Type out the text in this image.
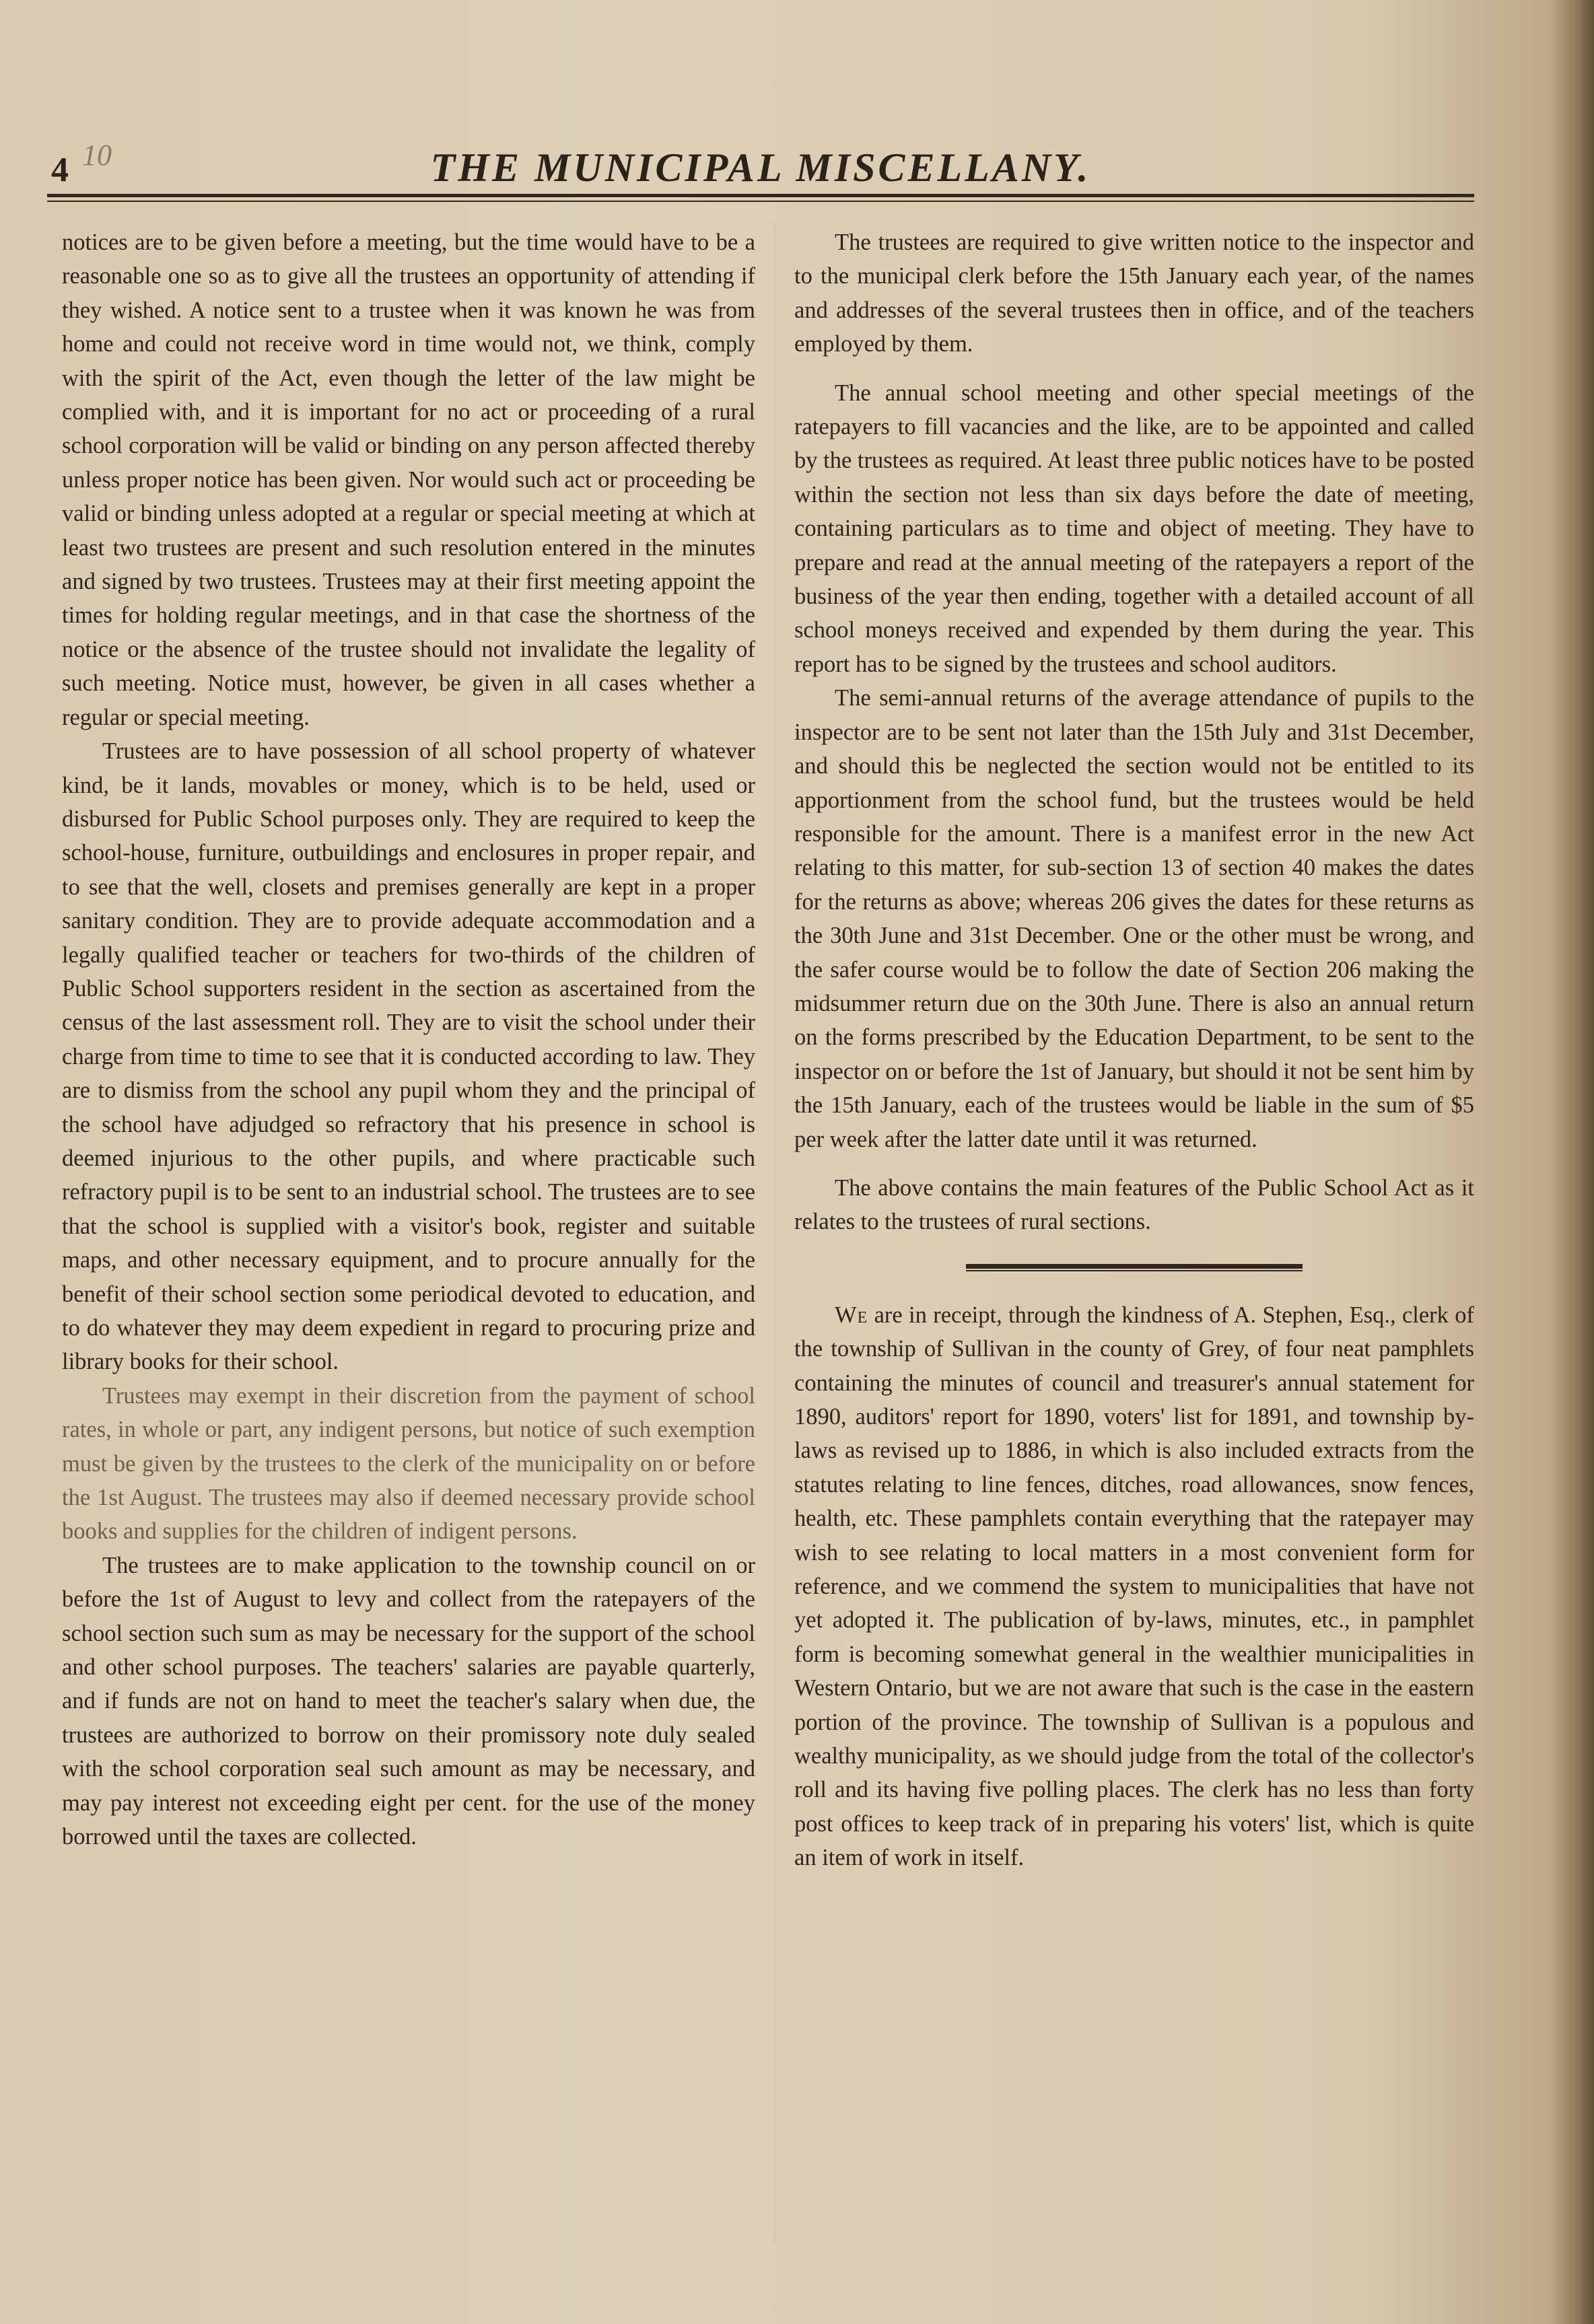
4 10	THE MUNICIPAL MISCELLANY.

notices are to be given before a meeting, but the time would have to be a reasonable one so as to give all the trustees an opportunity of attending if they wished. A notice sent to a trustee when it was known he was from home and could not receive word in time would not, we think, comply with the spirit of the Act, even though the letter of the law might be complied with, and it is important for no act or proceeding of a rural school corporation will be valid or binding on any person affected thereby unless proper notice has been given. Nor would such act or proceeding be valid or binding unless adopted at a regular or special meeting at which at least two trustees are present and such resolution entered in the minutes and signed by two trustees. Trustees may at their first meeting appoint the times for holding regular meetings, and in that case the shortness of the notice or the absence of the trustee should not invalidate the legality of such meeting. Notice must, however, be given in all cases whether a regular or special meeting.

Trustees are to have possession of all school property of whatever kind, be it lands, movables or money, which is to be held, used or disbursed for Public School purposes only. They are required to keep the school-house, furniture, outbuildings and enclosures in proper repair, and to see that the well, closets and premises generally are kept in a proper sanitary condition. They are to provide adequate accommodation and a legally qualified teacher or teachers for two-thirds of the children of Public School supporters resident in the section as ascertained from the census of the last assessment roll. They are to visit the school under their charge from time to time to see that it is conducted according to law. They are to dismiss from the school any pupil whom they and the principal of the school have adjudged so refractory that his presence in school is deemed injurious to the other pupils, and where practicable such refractory pupil is to be sent to an industrial school. The trustees are to see that the school is supplied with a visitor's book, register and suitable maps, and other necessary equipment, and to procure annually for the benefit of their school section some periodical devoted to education, and to do whatever they may deem expedient in regard to procuring prize and library books for their school.

Trustees may exempt in their discretion from the payment of school rates, in whole or part, any indigent persons, but notice of such exemption must be given by the trustees to the clerk of the municipality on or before the 1st August. The trustees may also if deemed necessary provide school books and supplies for the children of indigent persons.

The trustees are to make application to the township council on or before the 1st of August to levy and collect from the ratepayers of the school section such sum as may be necessary for the support of the school and other school purposes. The teachers' salaries are payable quarterly, and if funds are not on hand to meet the teacher's salary when due, the trustees are authorized to borrow on their promissory note duly sealed with the school corporation seal such amount as may be necessary, and may pay interest not exceeding eight per cent. for the use of the money borrowed until the taxes are collected.

The trustees are required to give written notice to the inspector and to the municipal clerk before the 15th January each year, of the names and addresses of the several trustees then in office, and of the teachers employed by them.

The annual school meeting and other special meetings of the ratepayers to fill vacancies and the like, are to be appointed and called by the trustees as required. At least three public notices have to be posted within the section not less than six days before the date of meeting, containing particulars as to time and object of meeting. They have to prepare and read at the annual meeting of the ratepayers a report of the business of the year then ending, together with a detailed account of all school moneys received and expended by them during the year. This report has to be signed by the trustees and school auditors.

The semi-annual returns of the average attendance of pupils to the inspector are to be sent not later than the 15th July and 31st December, and should this be neglected the section would not be entitled to its apportionment from the school fund, but the trustees would be held responsible for the amount. There is a manifest error in the new Act relating to this matter, for sub-section 13 of section 40 makes the dates for the returns as above; whereas 206 gives the dates for these returns as the 30th June and 31st December. One or the other must be wrong, and the safer course would be to follow the date of Section 206 making the midsummer return due on the 30th June. There is also an annual return on the forms prescribed by the Education Department, to be sent to the inspector on or before the 1st of January, but should it not be sent him by the 15th January, each of the trustees would be liable in the sum of $5 per week after the latter date until it was returned.

The above contains the main features of the Public School Act as it relates to the trustees of rural sections.

We are in receipt, through the kindness of A. Stephen, Esq., clerk of the township of Sullivan in the county of Grey, of four neat pamphlets containing the minutes of council and treasurer's annual statement for 1890, auditors' report for 1890, voters' list for 1891, and township by-laws as revised up to 1886, in which is also included extracts from the statutes relating to line fences, ditches, road allowances, snow fences, health, etc. These pamphlets contain everything that the ratepayer may wish to see relating to local matters in a most convenient form for reference, and we commend the system to municipalities that have not yet adopted it. The publication of by-laws, minutes, etc., in pamphlet form is becoming somewhat general in the wealthier municipalities in Western Ontario, but we are not aware that such is the case in the eastern portion of the province. The township of Sullivan is a populous and wealthy municipality, as we should judge from the total of the collector's roll and its having five polling places. The clerk has no less than forty post offices to keep track of in preparing his voters' list, which is quite an item of work in itself.
